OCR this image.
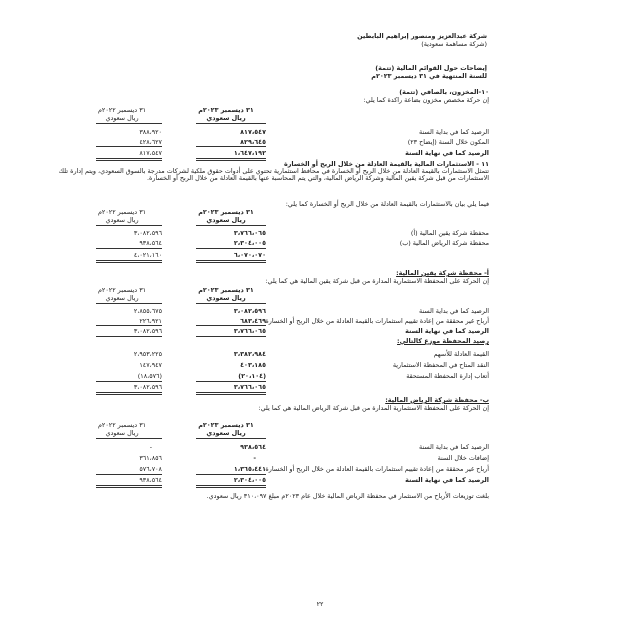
شركة عبدالعزيز ومنصور إبراهيم البابطين
(شركة مساهمة سعودية)
إيضاحات حول القوائم المالية (تتمة)
للسنة المنتهية في ٣١ ديسمبر ٢٠٢٣م
١٠-المخزون، بالصافي (تتمة)
إن حركة مخصص مخزون بضاعة راكدة كما يلي:
٣١ ديسمبر ٢٠٢٣م
٣١ ديسمبر ٢٠٢٢م
ريال سعودي
ريال سعودي
الرصيد كما في بداية السنة
٨١٧،٥٤٧
٣٨٨،٩٢٠
المكون خلال السنة (إيضاح ٢٣)
٨٢٩،٦٤٥
٤٢٨،٦٢٧
الرصيد كما في نهاية السنة
١،٦٤٧،١٩٢
٨١٧،٥٤٧
١١ - الاستثمارات المالية بالقيمة العادلة من خلال الربح أو الخسارة
تتمثل الاستثمارات بالقيمة العادلة من خلال الربح أو الخسارة في محافظ استثمارية تحتوي على أدوات حقوق ملكية لشركات مدرجة بالسوق السعودي، ويتم إدارة تلك الاستثمارات من قبل شركة يقين المالية وشركة الرياض المالية، والتي يتم المحاسبة عنها بالقيمة العادلة من خلال الربح أو الخسارة.
فيما يلي بيان بالاستثمارات بالقيمة العادلة من خلال الربح أو الخسارة كما يلي:
٣١ ديسمبر ٢٠٢٣م
٣١ ديسمبر ٢٠٢٢م
ريال سعودي
ريال سعودي
محفظة شركة يقين المالية (أ)
٣،٧٦٦،٠٦٥
٣،٠٨٢،٥٩٦
محفظة شركة الرياض المالية (ب)
٢،٣٠٤،٠٠٥
٩٣٨،٥٦٤
٦،٠٧٠،٠٧٠
٤،٠٢١،١٦٠
أ- محفظة شركة يقين المالية:
إن الحركة على المحفظة الاستثمارية المدارة من قبل شركة يقين المالية هي كما يلي:
٣١ ديسمبر ٢٠٢٣م
٣١ ديسمبر ٢٠٢٢م
ريال سعودي
ريال سعودي
الرصيد كما في بداية السنة
٣،٠٨٢،٥٩٦
٢،٨٥٥،٦٧٥
أرباح غير محققة من إعادة تقييم استثمارات بالقيمة العادلة من خلال الربح أو الخسارة
٦٨٣،٤٦٩
٢٢٦،٩٢١
الرصيد كما في نهاية السنة
٣،٧٦٦،٠٦٥
٣،٠٨٢،٥٩٦
رصيد المحفظة موزع كالتالي:
القيمة العادلة للأسهم
٣،٣٨٢،٩٨٤
٢،٩٥٣،٢٢٥
النقد المتاح في المحفظة الاستثمارية
٤٠٣،١٨٥
١٤٧،٩٤٧
أتعاب إدارة المحفظة المستحقة
(٢٠،١٠٤)
(١٨،٥٧٦)
٣،٧٦٦،٠٦٥
٣،٠٨٢،٥٩٦
ب- محفظة شركة الرياض المالية:
إن الحركة على المحفظة الاستثمارية المدارة من قبل شركة الرياض المالية هي كما يلي:
٣١ ديسمبر ٢٠٢٣م
٣١ ديسمبر ٢٠٢٢م
ريال سعودي
ريال سعودي
الرصيد كما في بداية السنة
٩٣٨،٥٦٤
-
إضافات خلال السنة
-
٣٦١،٨٥٦
أرباح غير محققة من إعادة تقييم استثمارات بالقيمة العادلة من خلال الربح أو الخسارة
١،٣٦٥،٤٤١
٥٧٦،٧٠٨
الرصيد كما في نهاية السنة
٢،٣٠٤،٠٠٥
٩٣٨،٥٦٤
بلغت توزيعات الأرباح من الاستثمار في محفظة الرياض المالية خلال عام ٢٠٢٣م مبلغ ٣١٠،٠٩٧ ريال سعودي.
٢٢
